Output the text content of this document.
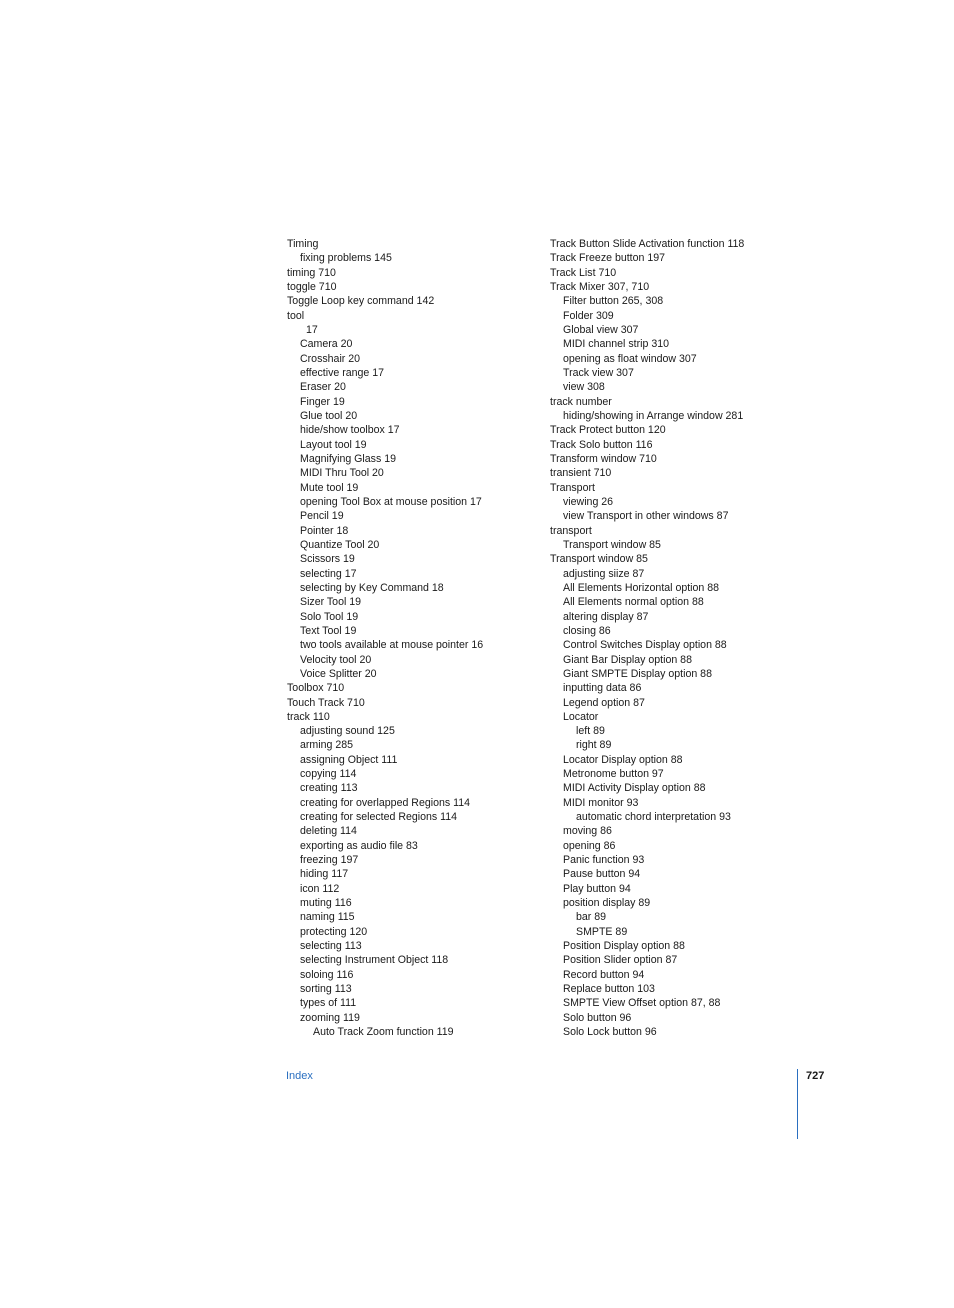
Timing
fixing problems 145
timing 710
toggle 710
Toggle Loop key command 142
tool
17
Camera 20
Crosshair 20
effective range 17
Eraser 20
Finger 19
Glue tool 20
hide/show toolbox 17
Layout tool 19
Magnifying Glass 19
MIDI Thru Tool 20
Mute tool 19
opening Tool Box at mouse position 17
Pencil 19
Pointer 18
Quantize Tool 20
Scissors 19
selecting 17
selecting by Key Command 18
Sizer Tool 19
Solo Tool 19
Text Tool 19
two tools available at mouse pointer 16
Velocity tool 20
Voice Splitter 20
Toolbox 710
Touch Track 710
track 110
adjusting sound 125
arming 285
assigning Object 111
copying 114
creating 113
creating for overlapped Regions 114
creating for selected Regions 114
deleting 114
exporting as audio file 83
freezing 197
hiding 117
icon 112
muting 116
naming 115
protecting 120
selecting 113
selecting Instrument Object 118
soloing 116
sorting 113
types of 111
zooming 119
Auto Track Zoom function 119
Track Button Slide Activation function 118
Track Freeze button 197
Track List 710
Track Mixer 307, 710
Filter button 265, 308
Folder 309
Global view 307
MIDI channel strip 310
opening as float window 307
Track view 307
view 308
track number
hiding/showing in Arrange window 281
Track Protect button 120
Track Solo button 116
Transform window 710
transient 710
Transport
viewing 26
view Transport in other windows 87
transport
Transport window 85
Transport window 85
adjusting siize 87
All Elements Horizontal option 88
All Elements normal option 88
altering display 87
closing 86
Control Switches Display option 88
Giant Bar Display option 88
Giant SMPTE Display option 88
inputting data 86
Legend option 87
Locator
left 89
right 89
Locator Display option 88
Metronome button 97
MIDI Activity Display option 88
MIDI monitor 93
automatic chord interpretation 93
moving 86
opening 86
Panic function 93
Pause button 94
Play button 94
position display 89
bar 89
SMPTE 89
Position Display option 88
Position Slider option 87
Record button 94
Replace button 103
SMPTE View Offset option 87, 88
Solo button 96
Solo Lock button 96
Index	727
